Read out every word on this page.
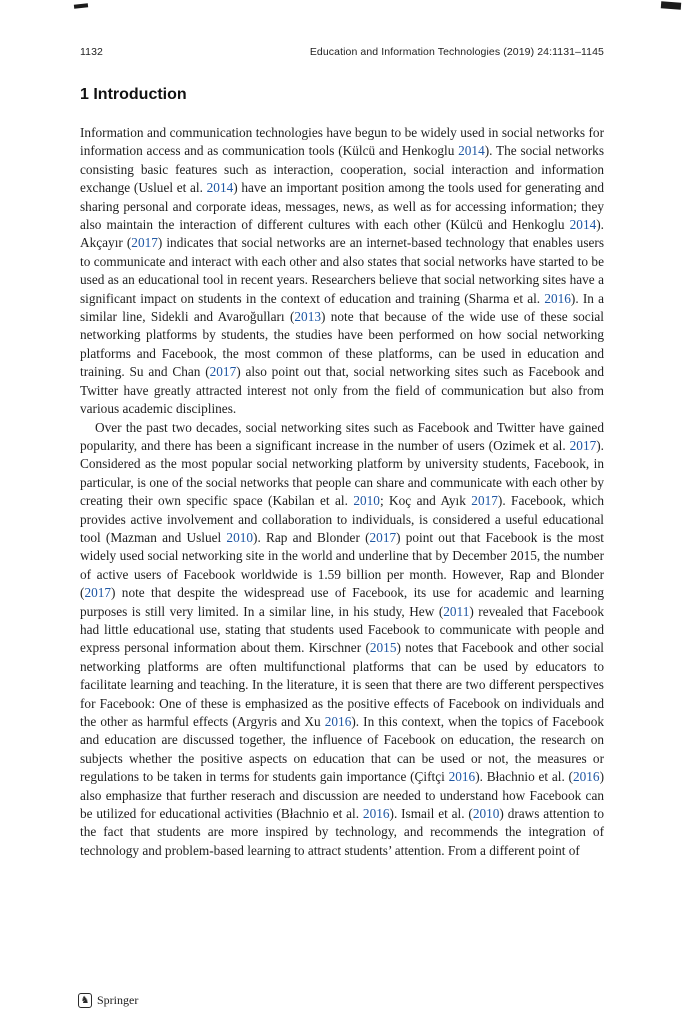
1132	Education and Information Technologies (2019) 24:1131–1145
1 Introduction

Information and communication technologies have begun to be widely used in social networks for information access and as communication tools (Külcü and Henkoglu 2014). The social networks consisting basic features such as interaction, cooperation, social interaction and information exchange (Usluel et al. 2014) have an important position among the tools used for generating and sharing personal and corporate ideas, messages, news, as well as for accessing information; they also maintain the interaction of different cultures with each other (Külcü and Henkoglu 2014). Akçayır (2017) indicates that social networks are an internet-based technology that enables users to communicate and interact with each other and also states that social networks have started to be used as an educational tool in recent years. Researchers believe that social networking sites have a significant impact on students in the context of education and training (Sharma et al. 2016). In a similar line, Sidekli and Avaroğulları (2013) note that because of the wide use of these social networking platforms by students, the studies have been performed on how social networking platforms and Facebook, the most common of these platforms, can be used in education and training. Su and Chan (2017) also point out that, social networking sites such as Facebook and Twitter have greatly attracted interest not only from the field of communication but also from various academic disciplines.

Over the past two decades, social networking sites such as Facebook and Twitter have gained popularity, and there has been a significant increase in the number of users (Ozimek et al. 2017). Considered as the most popular social networking platform by university students, Facebook, in particular, is one of the social networks that people can share and communicate with each other by creating their own specific space (Kabilan et al. 2010; Koç and Ayık 2017). Facebook, which provides active involvement and collaboration to individuals, is considered a useful educational tool (Mazman and Usluel 2010). Rap and Blonder (2017) point out that Facebook is the most widely used social networking site in the world and underline that by December 2015, the number of active users of Facebook worldwide is 1.59 billion per month. However, Rap and Blonder (2017) note that despite the widespread use of Facebook, its use for academic and learning purposes is still very limited. In a similar line, in his study, Hew (2011) revealed that Facebook had little educational use, stating that students used Facebook to communicate with people and express personal information about them. Kirschner (2015) notes that Facebook and other social networking platforms are often multifunctional platforms that can be used by educators to facilitate learning and teaching. In the literature, it is seen that there are two different perspectives for Facebook: One of these is emphasized as the positive effects of Facebook on individuals and the other as harmful effects (Argyris and Xu 2016). In this context, when the topics of Facebook and education are discussed together, the influence of Facebook on education, the research on subjects whether the positive aspects on education that can be used or not, the measures or regulations to be taken in terms for students gain importance (Çiftçi 2016). Błachnio et al. (2016) also emphasize that further reserach and discussion are needed to understand how Facebook can be utilized for educational activities (Błachnio et al. 2016). Ismail et al. (2010) draws attention to the fact that students are more inspired by technology, and recommends the integration of technology and problem-based learning to attract students’ attention. From a different point of

♞ Springer
